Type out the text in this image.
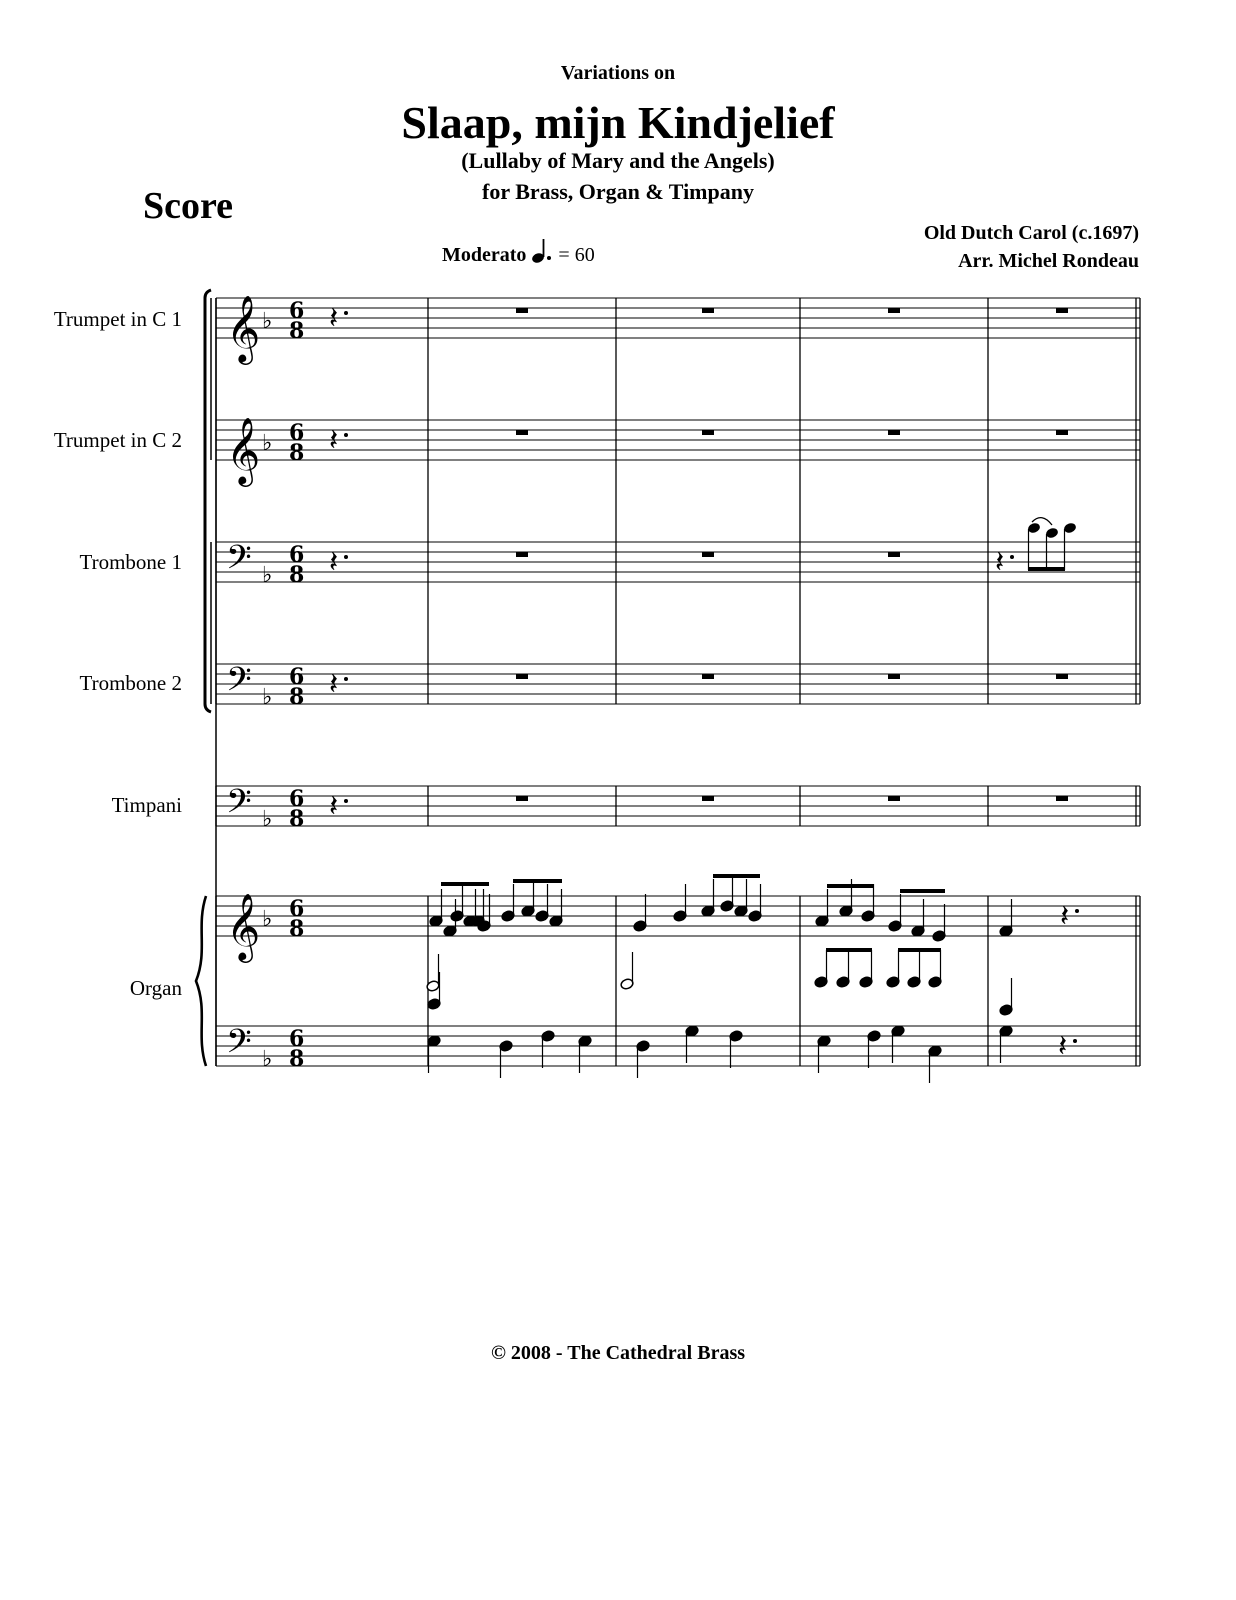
Variations on
Slaap, mijn Kindjelief
(Lullaby of Mary and the Angels)
for Brass, Organ & Timpany
Score
Old Dutch Carol (c.1697)
Arr. Michel Rondeau
Moderato = 60
Trumpet in C 1
Trumpet in C 2
Trombone 1
Trombone 2
Timpani
Organ
𝄞 ♭ 6
8
𝄞 ♭ 6
8
𝄢 ♭
6
8
𝄢 ♭
6
8
𝄢 ♭
6
8
𝄞 ♭ 6
8
𝄢 ♭
6
8
𝄽
𝄽
𝄽
𝄽
𝄽
𝄽
𝄽
𝄽
© 2008 - The Cathedral Brass
